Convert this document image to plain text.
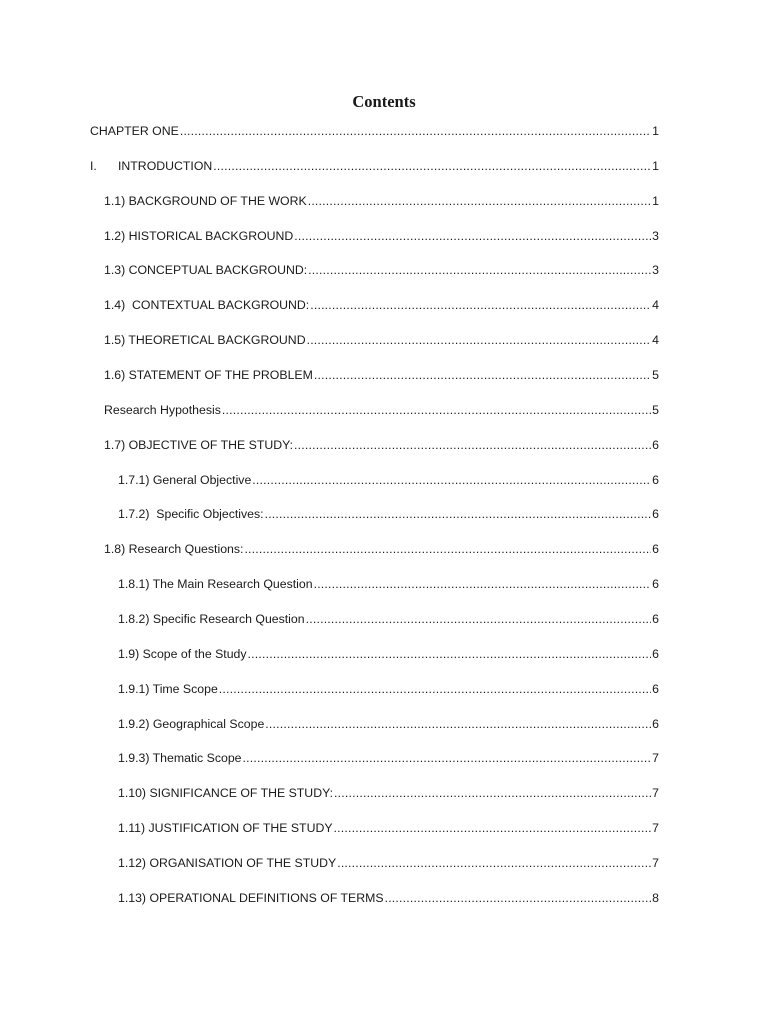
Contents
CHAPTER ONE .....	1
I.	INTRODUCTION .....	1
1.1) BACKGROUND OF THE WORK .....	1
1.2) HISTORICAL BACKGROUND .....	3
1.3) CONCEPTUAL BACKGROUND: .....	3
1.4)  CONTEXTUAL BACKGROUND: .....	4
1.5) THEORETICAL BACKGROUND .....	4
1.6) STATEMENT OF THE PROBLEM .....	5
Research Hypothesis .....	5
1.7) OBJECTIVE OF THE STUDY: .....	6
1.7.1) General Objective .....	6
1.7.2)  Specific Objectives: .....	6
1.8) Research Questions: .....	6
1.8.1) The Main Research Question .....	6
1.8.2) Specific Research Question .....	6
1.9) Scope of the Study .....	6
1.9.1) Time Scope .....	6
1.9.2) Geographical Scope .....	6
1.9.3) Thematic Scope .....	7
1.10) SIGNIFICANCE OF THE STUDY: .....	7
1.11) JUSTIFICATION OF THE STUDY .....	7
1.12) ORGANISATION OF THE STUDY .....	7
1.13) OPERATIONAL DEFINITIONS OF TERMS .....	8
